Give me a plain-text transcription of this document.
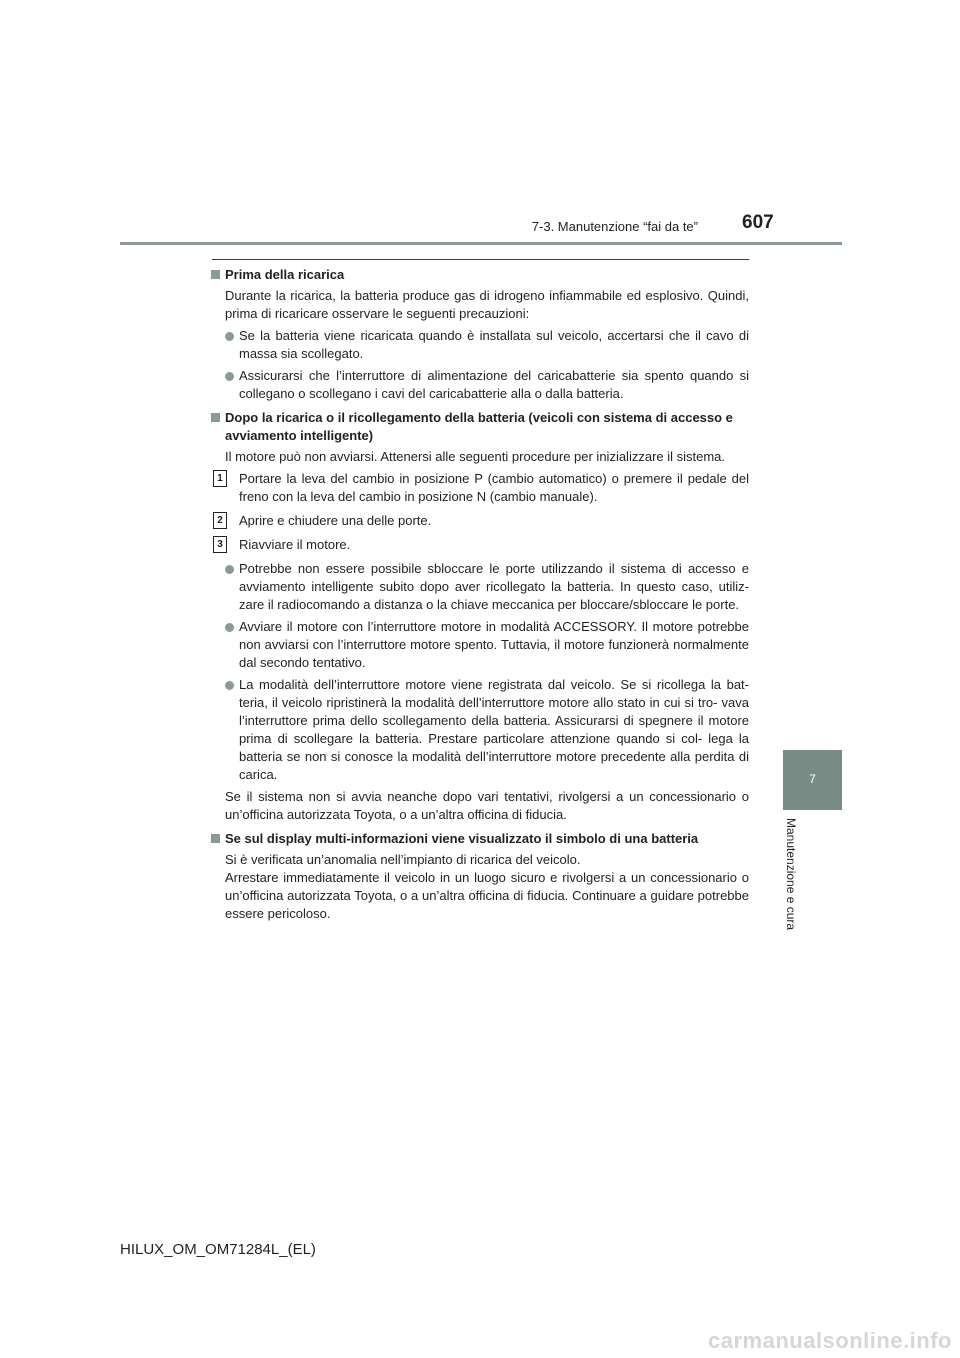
7-3. Manutenzione “fai da te” 607
7
Manutenzione e cura
Prima della ricarica
Durante la ricarica, la batteria produce gas di idrogeno infiammabile ed esplosivo. Quindi, prima di ricaricare osservare le seguenti precauzioni:
Se la batteria viene ricaricata quando è installata sul veicolo, accertarsi che il cavo di massa sia scollegato.
Assicurarsi che l’interruttore di alimentazione del caricabatterie sia spento quando si collegano o scollegano i cavi del caricabatterie alla o dalla batteria.
Dopo la ricarica o il ricollegamento della batteria (veicoli con sistema di accesso e avviamento intelligente)
Il motore può non avviarsi. Attenersi alle seguenti procedure per inizializzare il sistema.
1	Portare la leva del cambio in posizione P (cambio automatico) o premere il pedale del freno con la leva del cambio in posizione N (cambio manuale).
2	Aprire e chiudere una delle porte.
3	Riavviare il motore.
Potrebbe non essere possibile sbloccare le porte utilizzando il sistema di accesso e avviamento intelligente subito dopo aver ricollegato la batteria. In questo caso, utiliz- zare il radiocomando a distanza o la chiave meccanica per bloccare/sbloccare le porte.
Avviare il motore con l’interruttore motore in modalità ACCESSORY. Il motore potrebbe non avviarsi con l’interruttore motore spento. Tuttavia, il motore funzionerà normalmente dal secondo tentativo.
La modalità dell’interruttore motore viene registrata dal veicolo. Se si ricollega la bat- teria, il veicolo ripristinerà la modalità dell’interruttore motore allo stato in cui si tro- vava l’interruttore prima dello scollegamento della batteria. Assicurarsi di spegnere il motore prima di scollegare la batteria. Prestare particolare attenzione quando si col- lega la batteria se non si conosce la modalità dell’interruttore motore precedente alla perdita di carica.
Se il sistema non si avvia neanche dopo vari tentativi, rivolgersi a un concessionario o un’officina autorizzata Toyota, o a un’altra officina di fiducia.
Se sul display multi-informazioni viene visualizzato il simbolo di una batteria
Si è verificata un’anomalia nell’impianto di ricarica del veicolo.
Arrestare immediatamente il veicolo in un luogo sicuro e rivolgersi a un concessionario o un’officina autorizzata Toyota, o a un’altra officina di fiducia. Continuare a guidare potrebbe essere pericoloso.
HILUX_OM_OM71284L_(EL)
carmanualsonline.info
